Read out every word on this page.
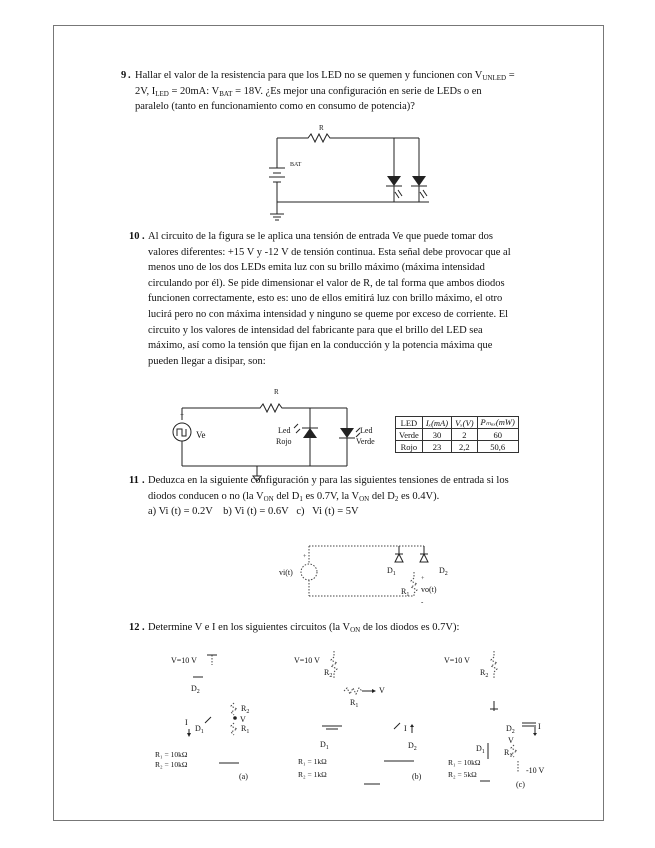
9 . Hallar el valor de la resistencia para que los LED no se quemen y funcionen con $V_{UNLED}$ =
2V, $I_{LED} = 20mA$: $V_{BAT} = 18V$. ¿Es mejor una configuración en serie de LEDs o en
paralelo (tanto en funcionamiento como en consumo de potencia)?
R
BAT
10 . Al circuito de la figura se le aplica una tensión de entrada Ve que puede tomar dos
valores diferentes: +15 V y -12 V de tensión continua. Esta señal debe provocar que al
menos uno de los dos LEDs emita luz con su brillo máximo (máxima intensidad
circulando por él). Se pide dimensionar el valor de R, de tal forma que ambos diodos
funcionen correctamente, esto es: uno de ellos emitirá luz con brillo máximo, el otro
lucirá pero no con máxima intensidad y ninguno se queme por exceso de corriente. El
circuito y los valores de intensidad del fabricante para que el brillo del LED sea
máximo, así como la tensión que fijan en la conducción y la potencia máxima que
pueden llegar a disipar, son:
R
+
Ve	Led
Rojo
Led
Verde
LED	Iₓ(mA)	Vₓ(V)	Pₘₐₓ(mW)
Verde	30	2	60
Rojo	23	2,2	50,6
11 . Deduzca en la siguiente configuración y para las siguientes tensiones de entrada si los
diodos conducen o no (la $V_{ON}$ del $D_1$ es 0.7V, la $V_{ON}$ del $D_2$ es 0.4V).
a) Vi (t) = 0.2V    b) Vi (t) = 0.6V   c)   Vi (t) = 5V
+
vi(t)	$D_1$	$D_2$
$R_1$
+
vo(t)
-
12 . Determine V e I en los siguientes circuitos (la $V_{ON}$ de los diodos es 0.7V):
V=10 V
$D_2$
I
$D_1$
$R_2$
V
$R_1$
R₁ = 10kΩ
R₂ = 10kΩ
(a)
V=10 V
$R_2$
V
$R_1$
$D_1$
I
$D_2$
R₁ = 1kΩ
R₂ = 1kΩ	(b)
V=10 V
$R_2$
$D_2$
I
V
$R_1$
$D_1$
-10 V
R₁ = 10kΩ
R₂ = 5kΩ
(c)
